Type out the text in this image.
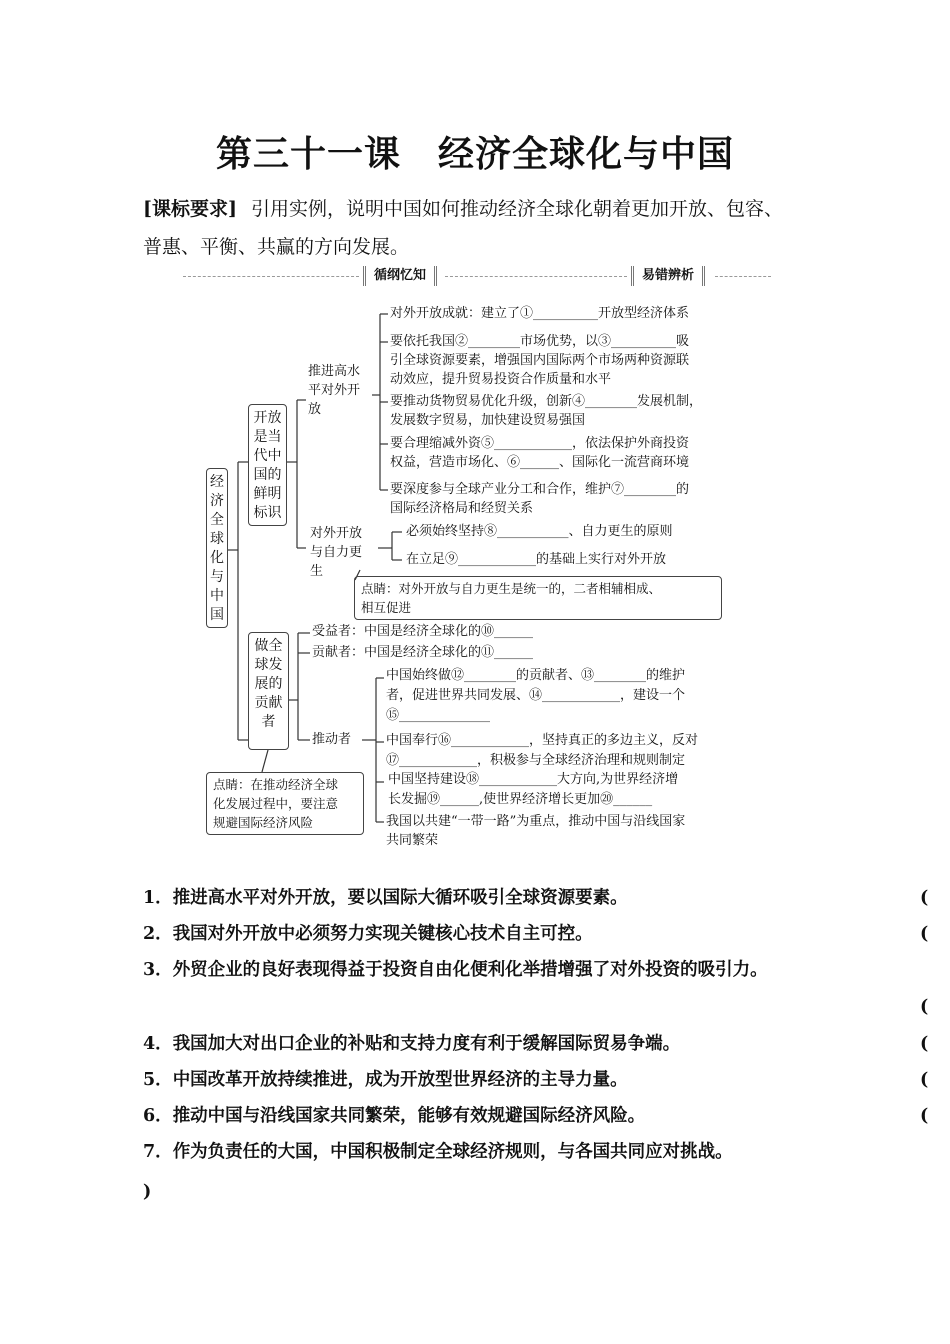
第三十一课　经济全球化与中国
[课标要求] 引用实例，说明中国如何推动经济全球化朝着更加开放、包容、
普惠、平衡、共赢的方向发展。
循纲忆知	易错辨析
经
济
全
球
化
与
中
国
开放
是当
代中
国的
鲜明
标识
做全
球发
展的
贡献
者
推进高水
平对外开
放
对外开放
与自力更
生
对外开放成就：建立了①__________开放型经济体系
要依托我国②________市场优势，以③__________吸
引全球资源要素，增强国内国际两个市场两种资源联
动效应，提升贸易投资合作质量和水平
要推动货物贸易优化升级，创新④________发展机制，
发展数字贸易，加快建设贸易强国
要合理缩减外资⑤____________，依法保护外商投资
权益，营造市场化、⑥______、国际化一流营商环境
要深度参与全球产业分工和合作，维护⑦________的
国际经济格局和经贸关系
必须始终坚持⑧___________、自力更生的原则
在立足⑨____________的基础上实行对外开放
点睛：对外开放与自力更生是统一的，二者相辅相成、
相互促进
受益者：中国是经济全球化的⑩______
贡献者：中国是经济全球化的⑪______
推动者
中国始终做⑫________的贡献者、⑬________的维护
者，促进世界共同发展、⑭____________，建设一个
⑮______________
中国奉行⑯____________，坚持真正的多边主义，反对
⑰____________，积极参与全球经济治理和规则制定
中国坚持建设⑱____________大方向,为世界经济增
长发掘⑲______,使世界经济增长更加⑳______
我国以共建“一带一路”为重点，推动中国与沿线国家
共同繁荣
点睛：在推动经济全球
化发展过程中，要注意
规避国际经济风险
1．推进高水平对外开放，要以国际大循环吸引全球资源要素。	(
2．我国对外开放中必须努力实现关键核心技术自主可控。	(
3．外贸企业的良好表现得益于投资自由化便利化举措增强了对外投资的吸引力。
(
4．我国加大对出口企业的补贴和支持力度有利于缓解国际贸易争端。	(
5．中国改革开放持续推进，成为开放型世界经济的主导力量。	(
6．推动中国与沿线国家共同繁荣，能够有效规避国际经济风险。	(
7．作为负责任的大国，中国积极制定全球经济规则，与各国共同应对挑战。
)
